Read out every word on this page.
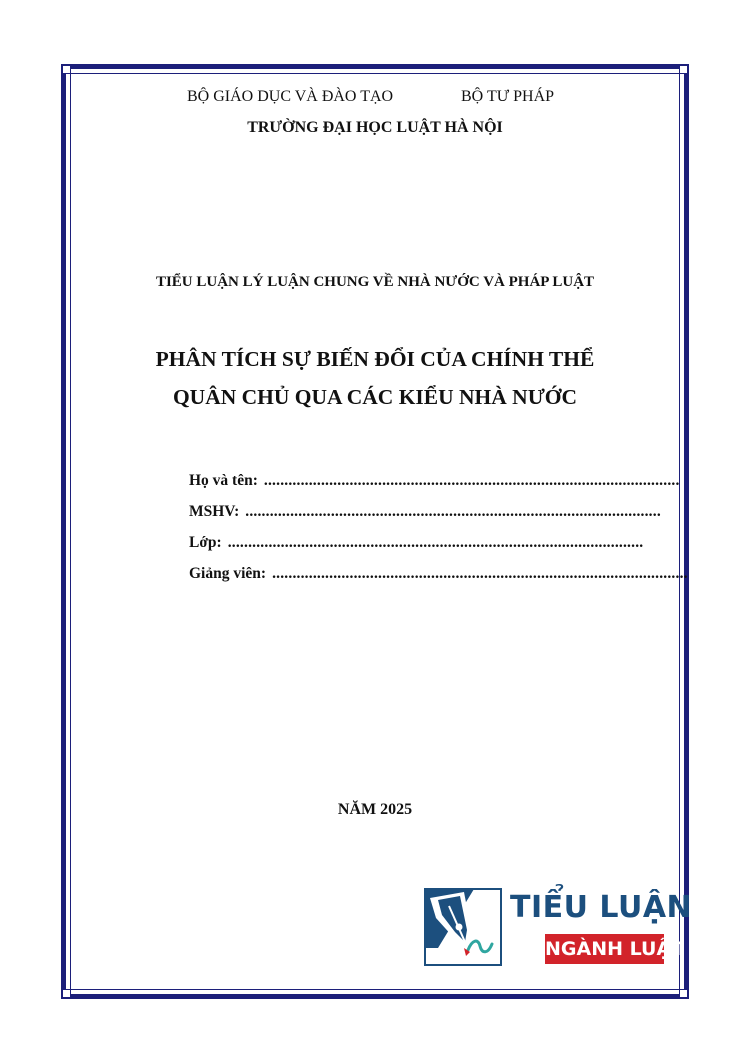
BỘ GIÁO DỤC VÀ ĐÀO TẠO	BỘ TƯ PHÁP
TRƯỜNG ĐẠI HỌC LUẬT HÀ NỘI
TIỂU LUẬN LÝ LUẬN CHUNG VỀ NHÀ NƯỚC VÀ PHÁP LUẬT
PHÂN TÍCH SỰ BIẾN ĐỔI CỦA CHÍNH THỂ
QUÂN CHỦ QUA CÁC KIỂU NHÀ NƯỚC
Họ và tên: ......................................................................................................
MSHV: ......................................................................................................
Lớp: ......................................................................................................
Giảng viên: ......................................................................................................
NĂM 2025
TIỂU LUẬN
NGÀNH LUẬT
